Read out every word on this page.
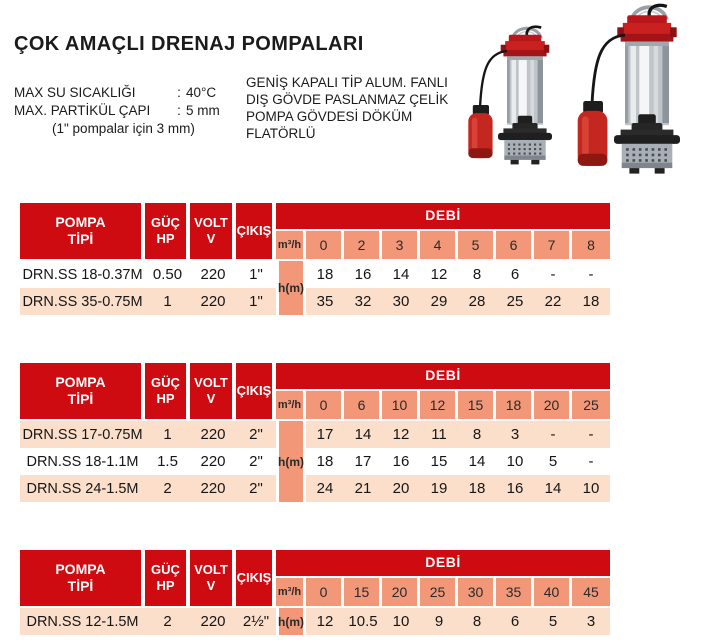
ÇOK AMAÇLI DRENAJ POMPALARI
MAX SU SICAKLIĞI	: 40°C
MAX. PARTİKÜL ÇAPI	: 5 mm
(1" pompalar için 3 mm)
GENİŞ KAPALI TİP ALUM. FANLI
DIŞ GÖVDE PASLANMAZ ÇELİK
POMPA GÖVDESİ DÖKÜM
FLATÖRLÜ
POMPA
TİPİ
GÜÇ
HP
VOLT
V
ÇIKIŞ
DEBİ
m³/h	0	2	3	4	5	6	7	8
h(m)
DRN.SS 18-0.37M 0.50	220	1"	18	16	14	12	8	6	-	-
DRN.SS 35-0.75M	1	220	1"	35	32	30	29	28	25	22	18
POMPA
TİPİ
GÜÇ
HP
VOLT
V
ÇIKIŞ
DEBİ
m³/h	0	6	10	12	15	18	20	25
h(m)
DRN.SS 17-0.75M	1	220	2"	17	14	12	11	8	3	-	-
DRN.SS 18-1.1M	1.5	220	2"	18	17	16	15	14	10	5	-
DRN.SS 24-1.5M	2	220	2"	24	21	20	19	18	16	14	10
POMPA
TİPİ
GÜÇ
HP
VOLT
V
ÇIKIŞ
DEBİ
m³/h	0	15	20	25	30	35	40	45
h(m)
DRN.SS 12-1.5M	2	220	2½"	12	10.5	10	9	8	6	5	3
